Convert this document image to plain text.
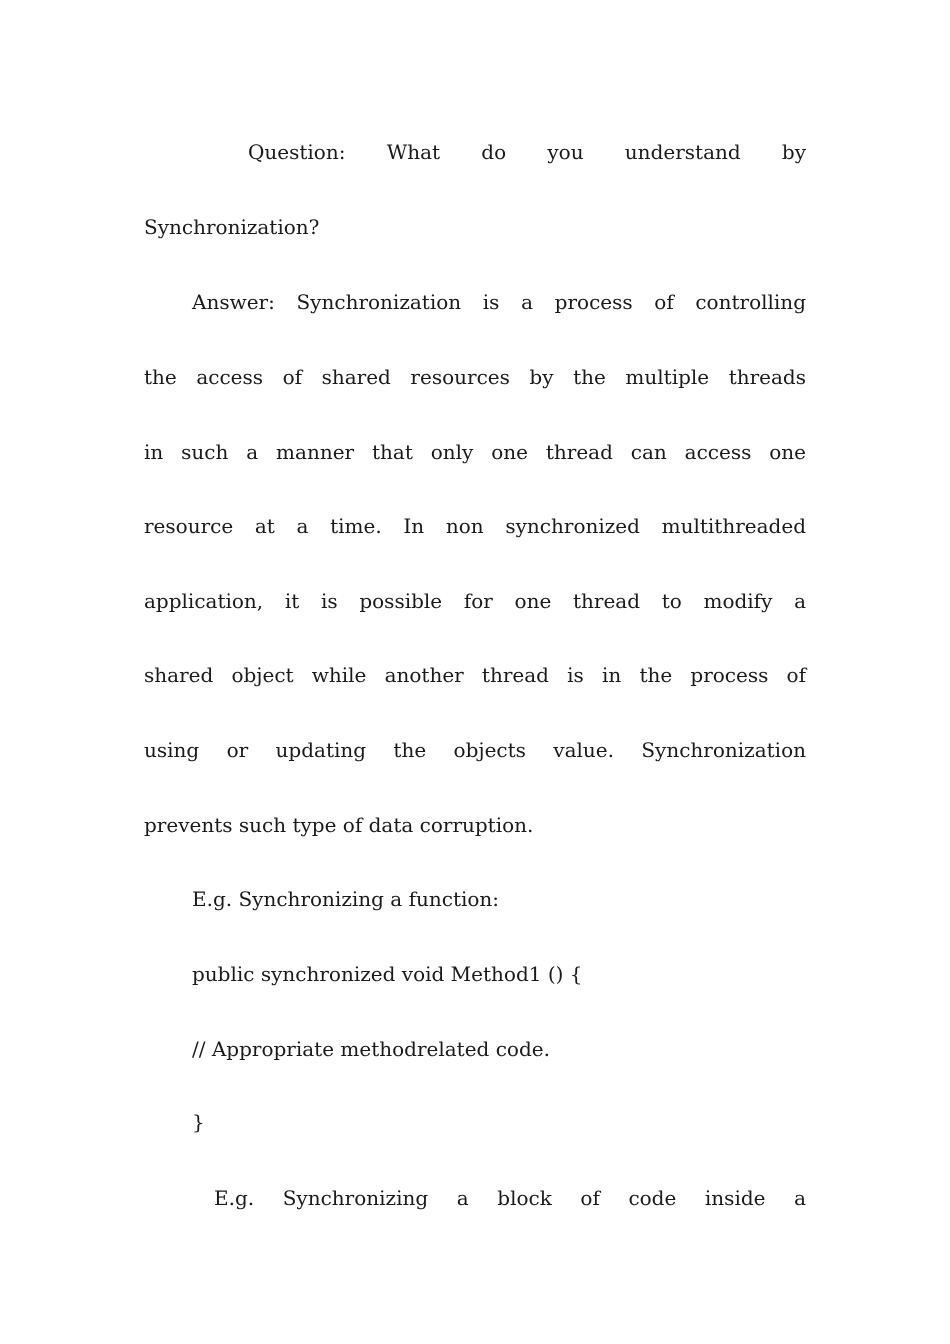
Question: What do you understand by
Synchronization?
Answer: Synchronization is a process of controlling
the access of shared resources by the multiple threads
in such a manner that only one thread can access one
resource at a time. In non synchronized multithreaded
application, it is possible for one thread to modify a
shared object while another thread is in the process of
using or updating the objects value. Synchronization
prevents such type of data corruption.
E.g. Synchronizing a function:
public synchronized void Method1 () {
// Appropriate methodrelated code.
}
E.g. Synchronizing a block of code inside a
